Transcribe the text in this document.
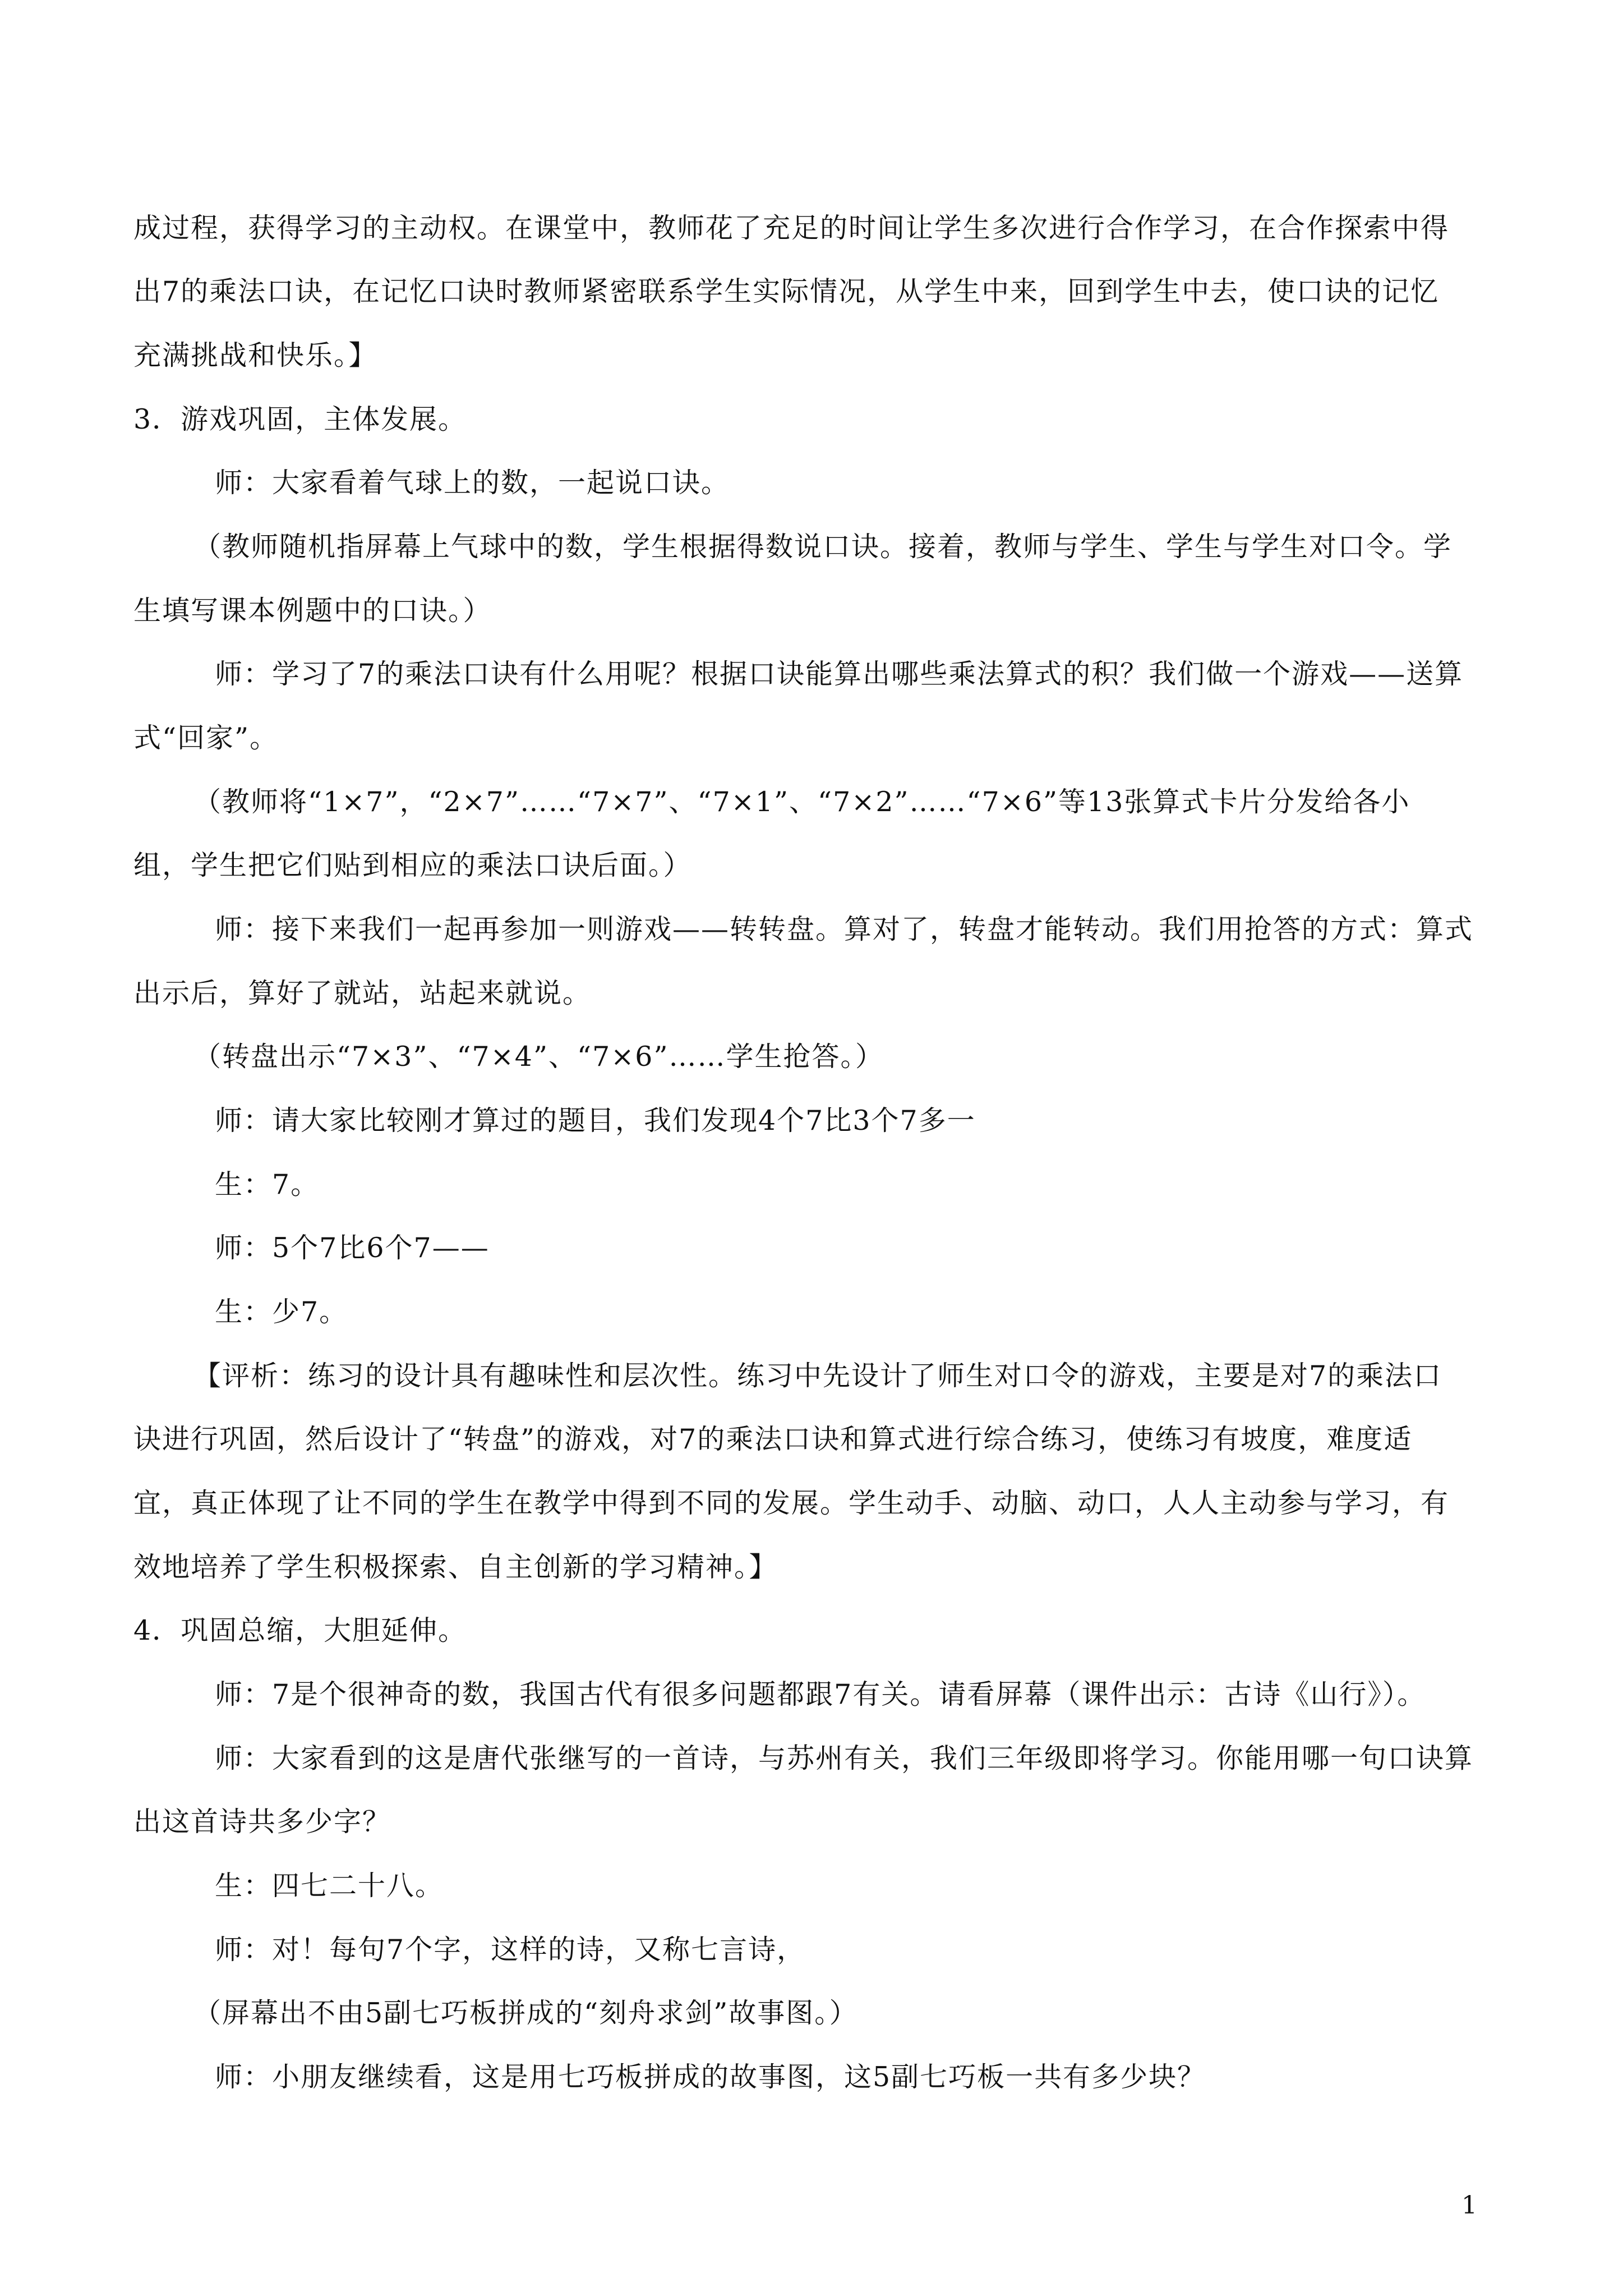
成过程，获得学习的主动权。在课堂中，教师花了充足的时间让学生多次进行合作学习，在合作探索中得
出7的乘法口诀，在记忆口诀时教师紧密联系学生实际情况，从学生中来，回到学生中去，使口诀的记忆
充满挑战和快乐。】
3．游戏巩固，主体发展。
师：大家看着气球上的数，一起说口诀。
（教师随机指屏幕上气球中的数，学生根据得数说口诀。接着，教师与学生、学生与学生对口令。学
生填写课本例题中的口诀。）
师：学习了7的乘法口诀有什么用呢？根据口诀能算出哪些乘法算式的积？我们做一个游戏——送算
式“回家”。
（教师将“1×7”，“2×7”……“7×7”、“7×1”、“7×2”……“7×6”等13张算式卡片分发给各小
组，学生把它们贴到相应的乘法口诀后面。）
师：接下来我们一起再参加一则游戏——转转盘。算对了，转盘才能转动。我们用抢答的方式：算式
出示后，算好了就站，站起来就说。
（转盘出示“7×3”、“7×4”、“7×6”……学生抢答。）
师：请大家比较刚才算过的题目，我们发现4个7比3个7多一
生：7。
师：5个7比6个7——
生：少7。
【评析：练习的设计具有趣味性和层次性。练习中先设计了师生对口令的游戏，主要是对7的乘法口
诀进行巩固，然后设计了“转盘”的游戏，对7的乘法口诀和算式进行综合练习，使练习有坡度，难度适
宜，真正体现了让不同的学生在教学中得到不同的发展。学生动手、动脑、动口，人人主动参与学习，有
效地培养了学生积极探索、自主创新的学习精神。】
4．巩固总缩，大胆延伸。
师：7是个很神奇的数，我国古代有很多问题都跟7有关。请看屏幕（课件出示：古诗《山行》）。
师：大家看到的这是唐代张继写的一首诗，与苏州有关，我们三年级即将学习。你能用哪一句口诀算
出这首诗共多少字？
生：四七二十八。
师：对！每句7个字，这样的诗，又称七言诗，
（屏幕出不由5副七巧板拼成的“刻舟求剑”故事图。）
师：小朋友继续看，这是用七巧板拼成的故事图，这5副七巧板一共有多少块？
1
